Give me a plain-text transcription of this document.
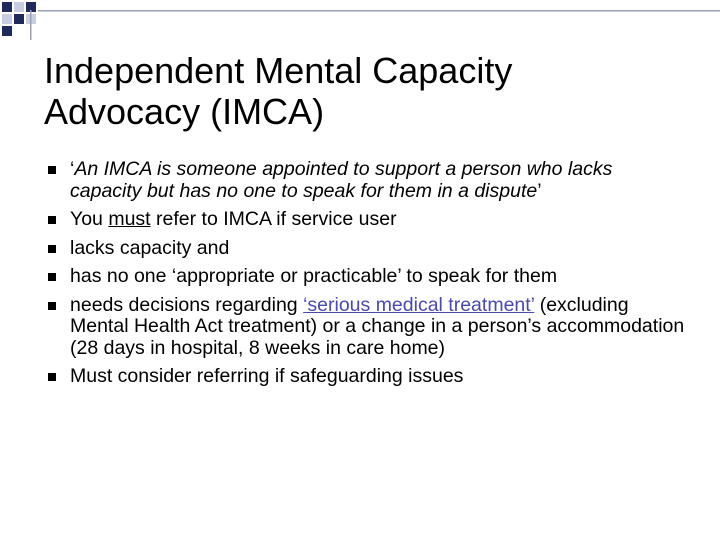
Independent Mental Capacity
Advocacy (IMCA)
‘An IMCA is someone appointed to support a person who lacks capacity but has no one to speak for them in a dispute’
You must refer to IMCA if service user
lacks capacity and
has no one ‘appropriate or practicable’ to speak for them
needs decisions regarding ‘serious medical treatment’ (excluding Mental Health Act treatment) or a change in a person’s accommodation (28 days in hospital, 8 weeks in care home)
Must consider referring if safeguarding issues
